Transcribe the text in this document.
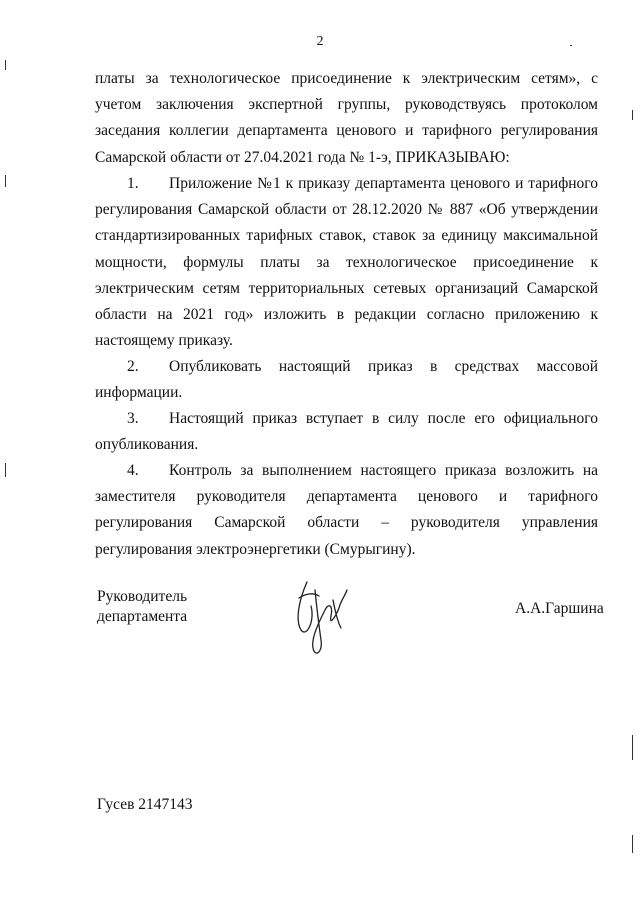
2

платы за технологическое присоединение к электрическим сетям», с учетом заключения экспертной группы, руководствуясь протоколом заседания коллегии департамента ценового и тарифного регулирования Самарской области от 27.04.2021 года № 1-э, ПРИКАЗЫВАЮ:

1. Приложение №1 к приказу департамента ценового и тарифного регулирования Самарской области от 28.12.2020 № 887 «Об утверждении стандартизированных тарифных ставок, ставок за единицу максимальной мощности, формулы платы за технологическое присоединение к электрическим сетям территориальных сетевых организаций Самарской области на 2021 год» изложить в редакции согласно приложению к настоящему приказу.

2. Опубликовать настоящий приказ в средствах массовой информации.

3. Настоящий приказ вступает в силу после его официального опубликования.

4. Контроль за выполнением настоящего приказа возложить на заместителя руководителя департамента ценового и тарифного регулирования Самарской области – руководителя управления регулирования электроэнергетики (Смурыгину).

Руководитель
департамента	А.А.Гаршина
Гусев 2147143
